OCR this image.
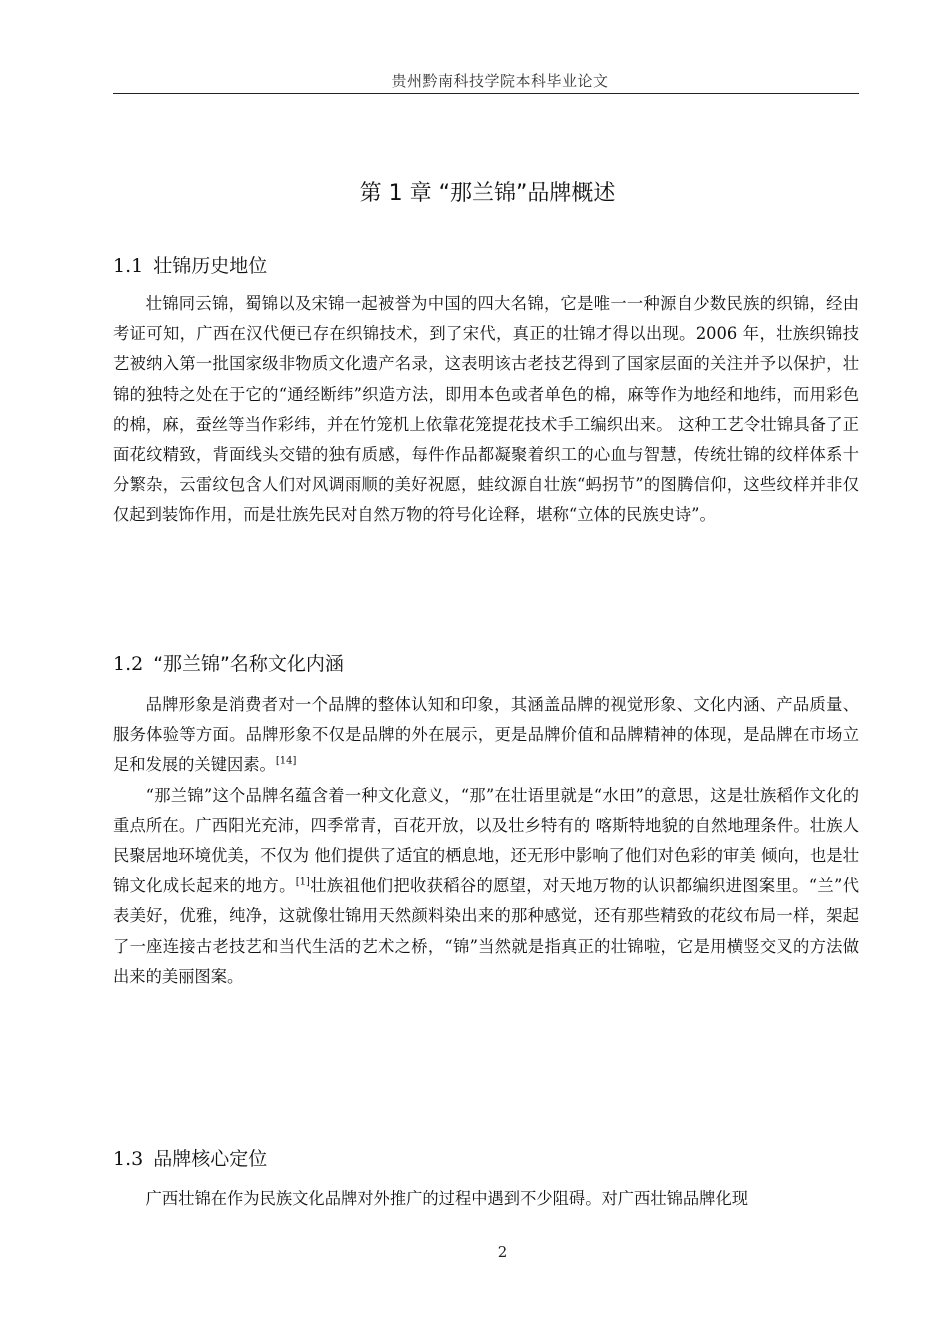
贵州黔南科技学院本科毕业论文
第 1 章 “那兰锦”品牌概述
1.1 壮锦历史地位

壮锦同云锦，蜀锦以及宋锦一起被誉为中国的四大名锦，它是唯一一种源自少数民族的织锦，经由考证可知，广西在汉代便已存在织锦技术，到了宋代，真正的壮锦才得以出现。2006 年，壮族织锦技艺被纳入第一批国家级非物质文化遗产名录，这表明该古老技艺得到了国家层面的关注并予以保护，壮锦的独特之处在于它的“通经断纬”织造方法，即用本色或者单色的棉，麻等作为地经和地纬，而用彩色的棉，麻，蚕丝等当作彩纬，并在竹笼机上依靠花笼提花技术手工编织出来。 这种工艺令壮锦具备了正面花纹精致，背面线头交错的独有质感，每件作品都凝聚着织工的心血与智慧，传统壮锦的纹样体系十分繁杂，云雷纹包含人们对风调雨顺的美好祝愿，蛙纹源自壮族“蚂拐节”的图腾信仰，这些纹样并非仅仅起到装饰作用，而是壮族先民对自然万物的符号化诠释，堪称“立体的民族史诗”。

1.2 “那兰锦”名称文化内涵

品牌形象是消费者对一个品牌的整体认知和印象，其涵盖品牌的视觉形象、文化内涵、产品质量、服务体验等方面。品牌形象不仅是品牌的外在展示，更是品牌价值和品牌精神的体现，是品牌在市场立足和发展的关键因素。[14]

“那兰锦”这个品牌名蕴含着一种文化意义，“那”在壮语里就是“水田”的意思，这是壮族稻作文化的重点所在。广西阳光充沛，四季常青，百花开放，以及壮乡特有的 喀斯特地貌的自然地理条件。壮族人民聚居地环境优美，不仅为 他们提供了适宜的栖息地，还无形中影响了他们对色彩的审美 倾向，也是壮锦文化成长起来的地方。[1]壮族祖他们把收获稻谷的愿望，对天地万物的认识都编织进图案里。“兰”代表美好，优雅，纯净，这就像壮锦用天然颜料染出来的那种感觉，还有那些精致的花纹布局一样，架起了一座连接古老技艺和当代生活的艺术之桥，“锦”当然就是指真正的壮锦啦，它是用横竖交叉的方法做出来的美丽图案。

1.3 品牌核心定位

广西壮锦在作为民族文化品牌对外推广的过程中遇到不少阻碍。对广西壮锦品牌化现

2
